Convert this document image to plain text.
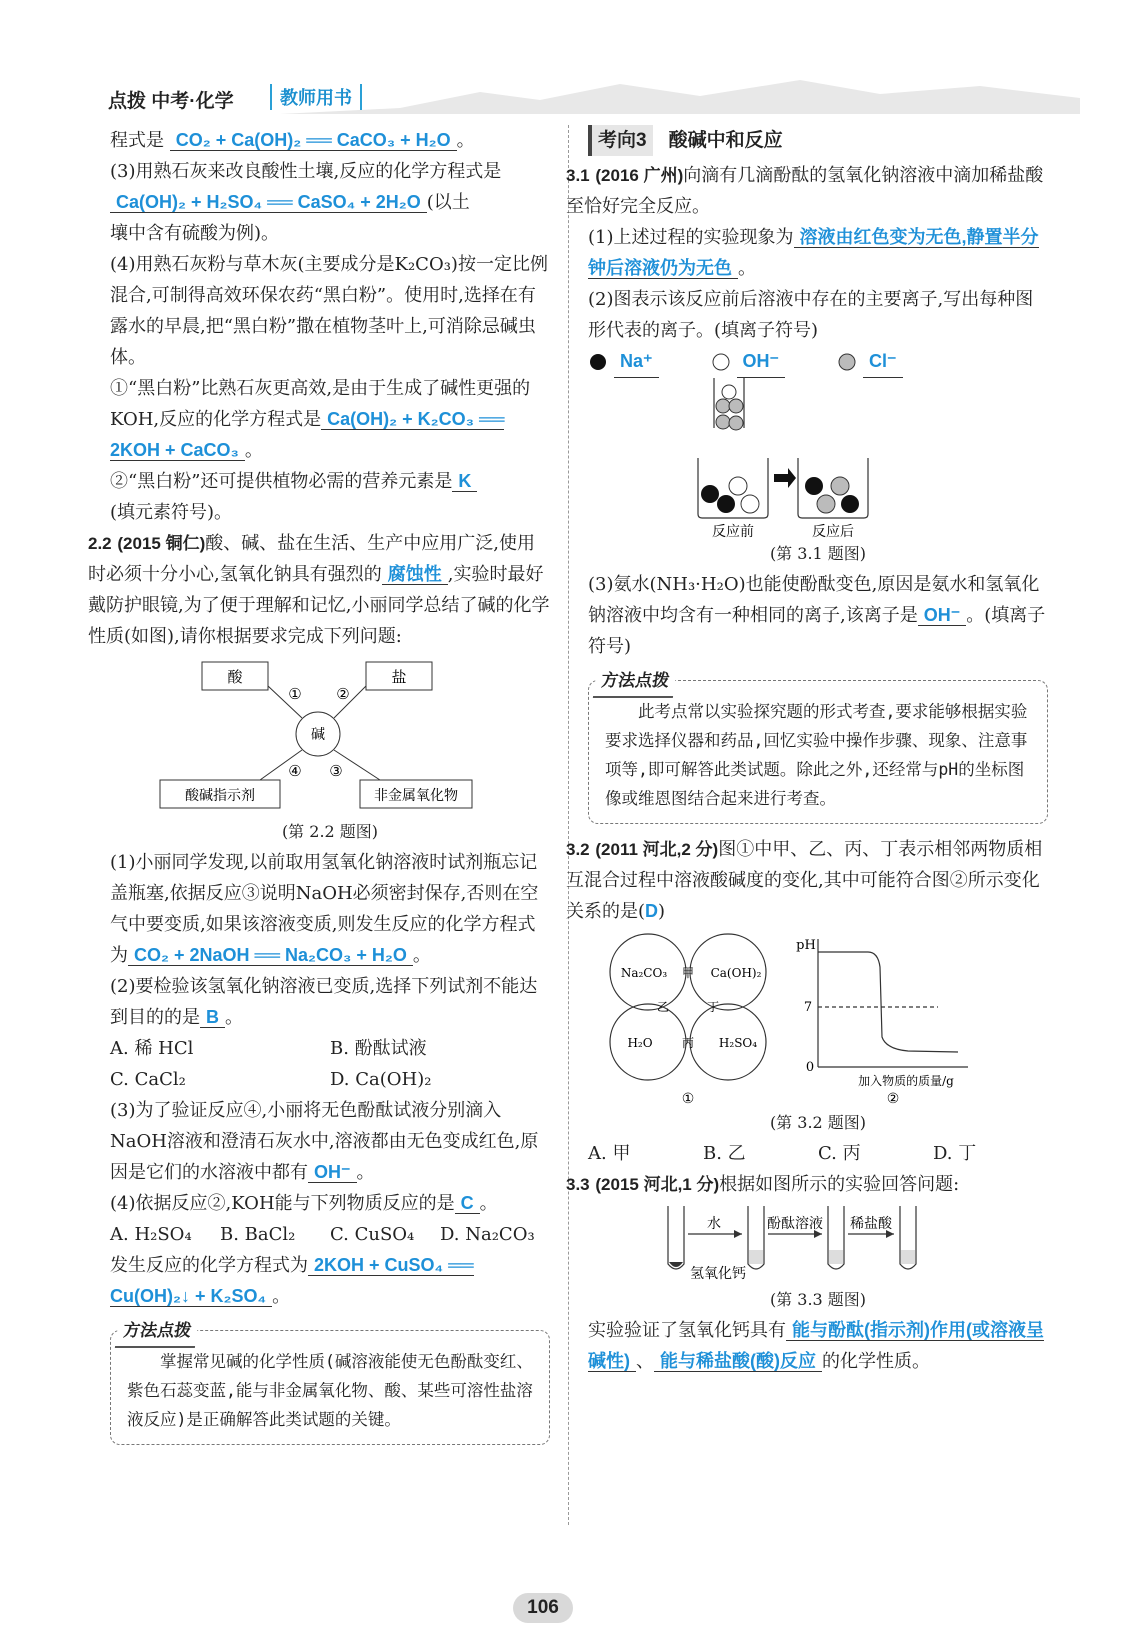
点拨 中考·化学	教师用书

程式是 CO₂ + Ca(OH)₂ ══ CaCO₃ + H₂O 。

(3)用熟石灰来改良酸性土壤,反应的化学方程式是

Ca(OH)₂ + H₂SO₄ ══ CaSO₄ + 2H₂O (以土

壤中含有硫酸为例)。

(4)用熟石灰粉与草木灰(主要成分是K₂CO₃)按一定比例混合,可制得高效环保农药“黑白粉”。使用时,选择在有露水的早晨,把“黑白粉”撒在植物茎叶上,可消除忌碱虫体。

①“黑白粉”比熟石灰更高效,是由于生成了碱性更强的KOH,反应的化学方程式是 Ca(OH)₂ + K₂CO₃ ══ 2KOH + CaCO₃ 。

②“黑白粉”还可提供植物必需的营养元素是 K

(填元素符号)。

2.2 (2015 铜仁)酸、碱、盐在生活、生产中应用广泛,使用时必须十分小心,氢氧化钠具有强烈的 腐蚀性 ,实验时最好戴防护眼镜,为了便于理解和记忆,小丽同学总结了碱的化学性质(如图),请你根据要求完成下列问题:

酸	盐
碱
酸碱指示剂	非金属氧化物
① ②
③
④

(第 2.2 题图)

(1)小丽同学发现,以前取用氢氧化钠溶液时试剂瓶忘记盖瓶塞,依据反应③说明NaOH必须密封保存,否则在空气中要变质,如果该溶液变质,则发生反应的化学方程式为 CO₂ + 2NaOH ══ Na₂CO₃ + H₂O 。

(2)要检验该氢氧化钠溶液已变质,选择下列试剂不能达到目的的是 B 。

A. 稀 HCl	B. 酚酞试液
C. CaCl₂	D. Ca(OH)₂

(3)为了验证反应④,小丽将无色酚酞试液分别滴入NaOH溶液和澄清石灰水中,溶液都由无色变成红色,原因是它们的水溶液中都有 OH⁻ 。

(4)依据反应②,KOH能与下列物质反应的是 C 。

A. H₂SO₄	B. BaCl₂	C. CuSO₄	D. Na₂CO₃

发生反应的化学方程式为 2KOH + CuSO₄ ══ Cu(OH)₂↓ + K₂SO₄ 。

方法点拨

掌握常见碱的化学性质(碱溶液能使无色酚酞变红、紫色石蕊变蓝,能与非金属氧化物、酸、某些可溶性盐溶液反应)是正确解答此类试题的关键。

考向3	酸碱中和反应

3.1 (2016 广州)向滴有几滴酚酞的氢氧化钠溶液中滴加稀盐酸至恰好完全反应。

(1)上述过程的实验现象为 溶液由红色变为无色,静置半分钟后溶液仍为无色 。

(2)图表示该反应前后溶液中存在的主要离子,写出每种图形代表的离子。(填离子符号)

Na⁺	OH⁻	Cl⁻
反应前	反应后

(第 3.1 题图)

(3)氨水(NH₃·H₂O)也能使酚酞变色,原因是氨水和氢氧化钠溶液中均含有一种相同的离子,该离子是 OH⁻ 。(填离子符号)

方法点拨

此考点常以实验探究题的形式考查,要求能够根据实验要求选择仪器和药品,回忆实验中操作步骤、现象、注意事项等,即可解答此类试题。除此之外,还经常与pH的坐标图像或维恩图结合起来进行考查。

3.2 (2011 河北,2 分)图①中甲、乙、丙、丁表示相邻两物质相互混合过程中溶液酸碱度的变化,其中可能符合图②所示变化关系的是(D)

Na₂CO₃	Ca(OH)₂
H₂O	H₂SO₄
甲
乙	丁
丙
①
pH
7
0
加入物质的质量/g
②

(第 3.2 题图)

A. 甲	B. 乙	C. 丙	D. 丁

3.3 (2015 河北,1 分)根据如图所示的实验回答问题:

水	酚酞溶液 稀盐酸
氢氧化钙

(第 3.3 题图)

实验验证了氢氧化钙具有 能与酚酞(指示剂)作用(或溶液呈碱性) 、 能与稀盐酸(酸)反应 的化学性质。

106
